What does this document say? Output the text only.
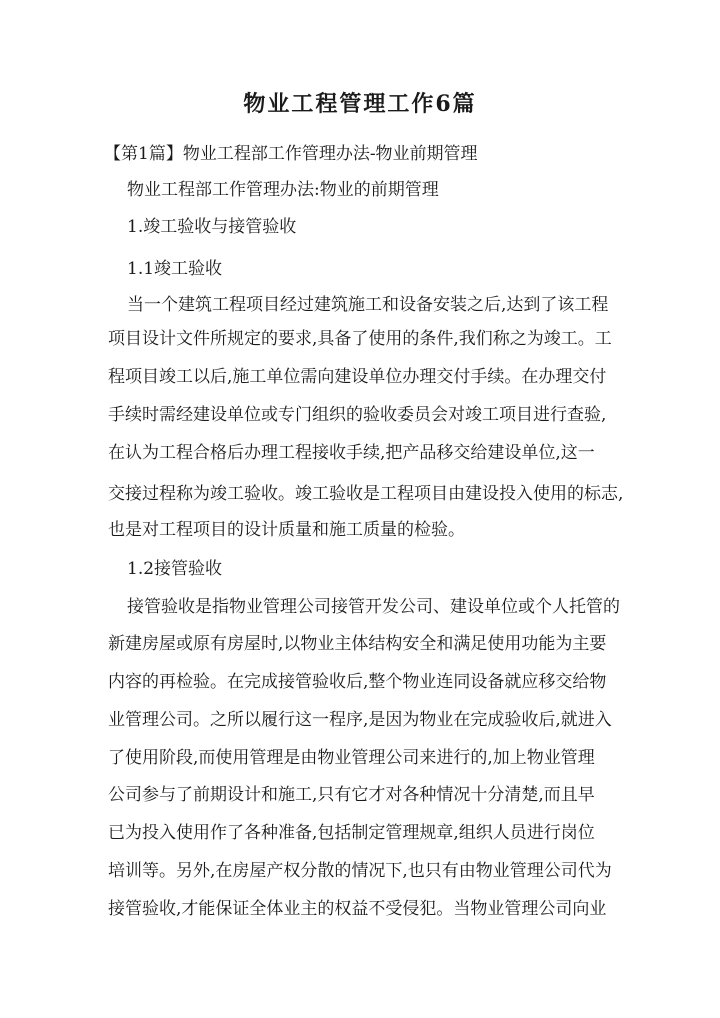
物业工程管理工作6篇
【第1篇】物业工程部工作管理办法-物业前期管理
物业工程部工作管理办法:物业的前期管理
1.竣工验收与接管验收
1.1竣工验收
当一个建筑工程项目经过建筑施工和设备安装之后,达到了该工程
项目设计文件所规定的要求,具备了使用的条件,我们称之为竣工。工
程项目竣工以后,施工单位需向建设单位办理交付手续。在办理交付
手续时需经建设单位或专门组织的验收委员会对竣工项目进行查验,
在认为工程合格后办理工程接收手续,把产品移交给建设单位,这一
交接过程称为竣工验收。竣工验收是工程项目由建设投入使用的标志,
也是对工程项目的设计质量和施工质量的检验。
1.2接管验收
接管验收是指物业管理公司接管开发公司、建设单位或个人托管的
新建房屋或原有房屋时,以物业主体结构安全和满足使用功能为主要
内容的再检验。在完成接管验收后,整个物业连同设备就应移交给物
业管理公司。之所以履行这一程序,是因为物业在完成验收后,就进入
了使用阶段,而使用管理是由物业管理公司来进行的,加上物业管理
公司参与了前期设计和施工,只有它才对各种情况十分清楚,而且早
已为投入使用作了各种准备,包括制定管理规章,组织人员进行岗位
培训等。另外,在房屋产权分散的情况下,也只有由物业管理公司代为
接管验收,才能保证全体业主的权益不受侵犯。当物业管理公司向业
